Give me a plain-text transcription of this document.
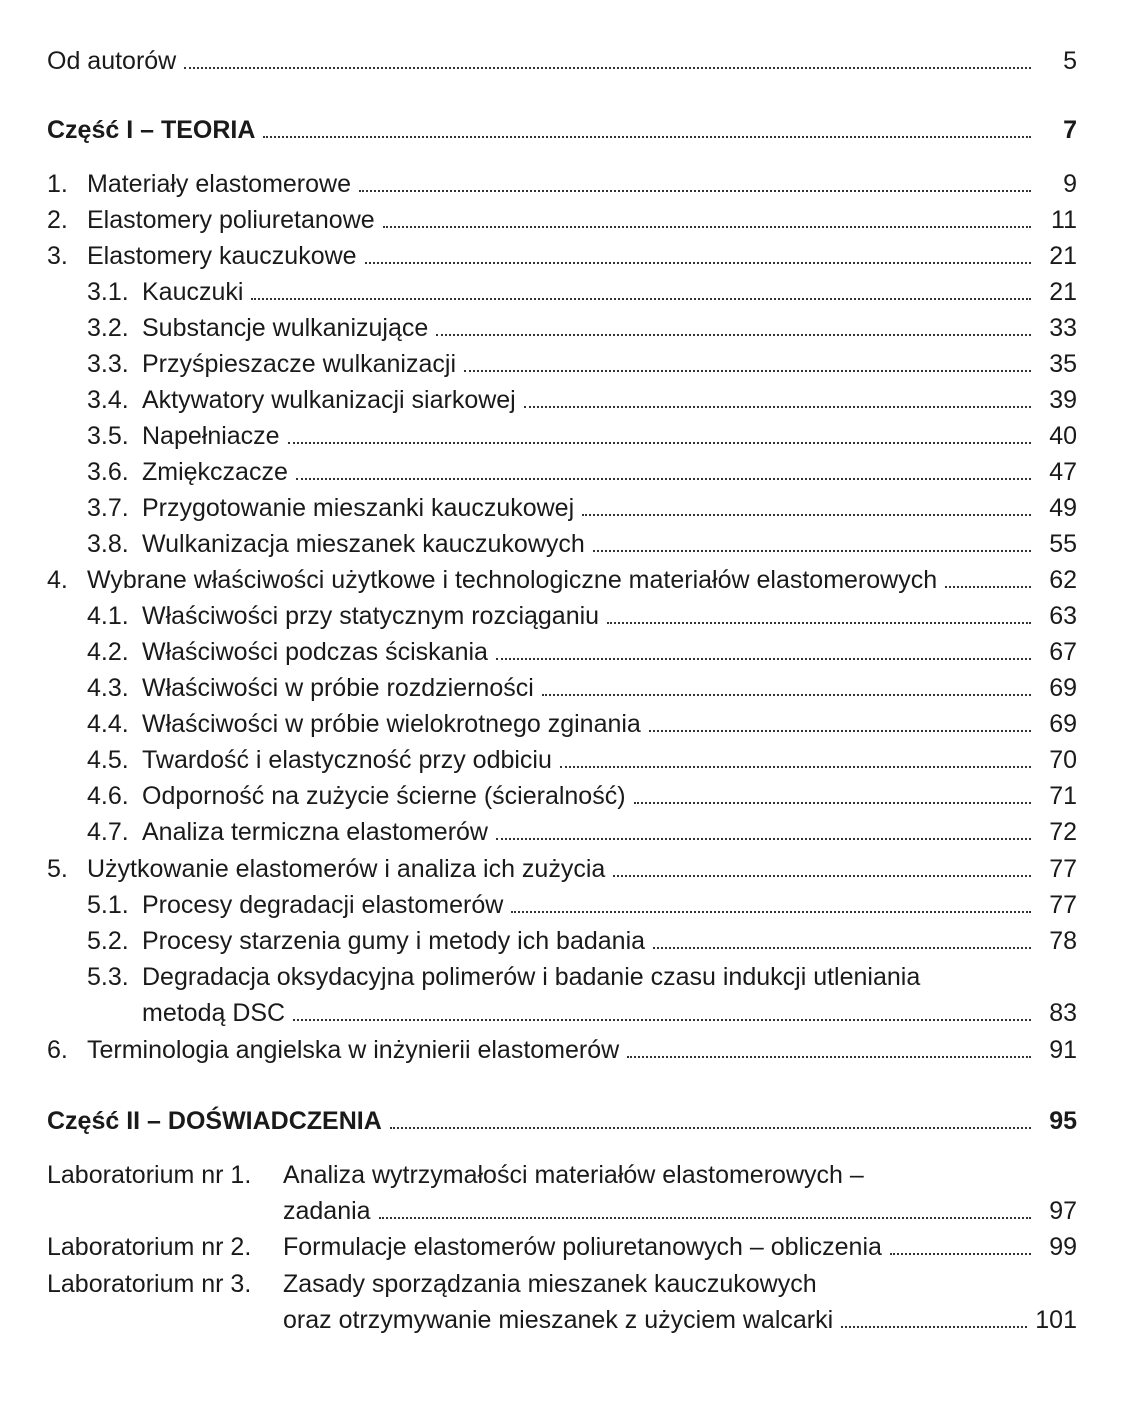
Od autorów	5
Część I – TEORIA	7
1. Materiały elastomerowe	9
2. Elastomery poliuretanowe	11
3. Elastomery kauczukowe	21
3.1. Kauczuki	21
3.2. Substancje wulkanizujące	33
3.3. Przyśpieszacze wulkanizacji	35
3.4. Aktywatory wulkanizacji siarkowej	39
3.5. Napełniacze	40
3.6. Zmiękczacze	47
3.7. Przygotowanie mieszanki kauczukowej	49
3.8. Wulkanizacja mieszanek kauczukowych	55
4. Wybrane właściwości użytkowe i technologiczne materiałów elastomerowych	62
4.1. Właściwości przy statycznym rozciąganiu	63
4.2. Właściwości podczas ściskania	67
4.3. Właściwości w próbie rozdzierności	69
4.4. Właściwości w próbie wielokrotnego zginania	69
4.5. Twardość i elastyczność przy odbiciu	70
4.6. Odporność na zużycie ścierne (ścieralność)	71
4.7. Analiza termiczna elastomerów	72
5. Użytkowanie elastomerów i analiza ich zużycia	77
5.1. Procesy degradacji elastomerów	77
5.2. Procesy starzenia gumy i metody ich badania	78
5.3. Degradacja oksydacyjna polimerów i badanie czasu indukcji utleniania
metodą DSC	83
6. Terminologia angielska w inżynierii elastomerów	91
Część II – DOŚWIADCZENIA	95
Laboratorium nr 1.	Analiza wytrzymałości materiałów elastomerowych –
zadania	97
Laboratorium nr 2.	Formulacje elastomerów poliuretanowych – obliczenia	99
Laboratorium nr 3.	Zasady sporządzania mieszanek kauczukowych
oraz otrzymywanie mieszanek z użyciem walcarki	101
